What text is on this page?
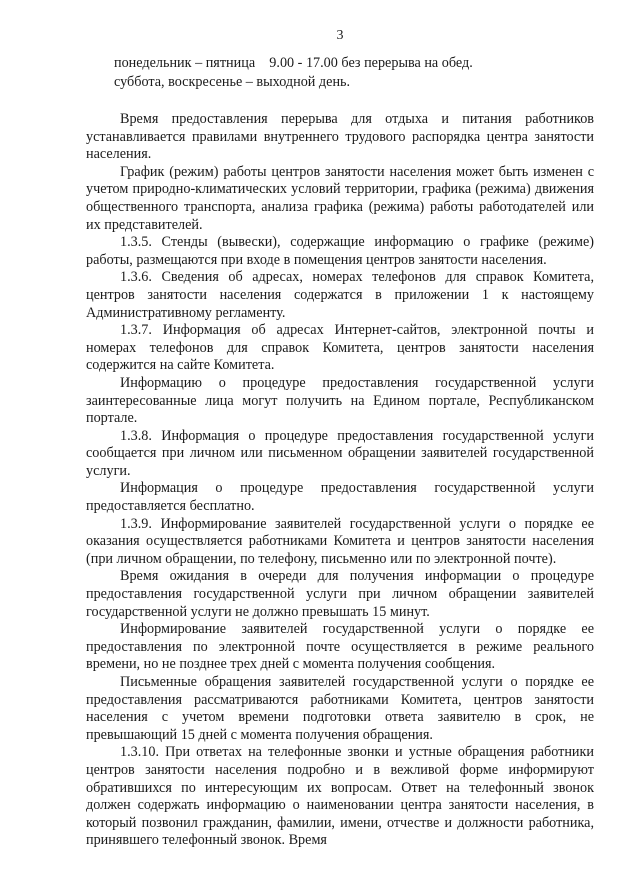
3
понедельник – пятница    9.00 - 17.00 без перерыва на обед.
суббота, воскресенье – выходной день.

Время предоставления перерыва для отдыха и питания работников устанавливается правилами внутреннего трудового распорядка центра занятости населения.

График (режим) работы центров занятости населения может быть изменен с учетом природно-климатических условий территории, графика (режима) движения общественного транспорта, анализа графика (режима) работы работодателей или их представителей.

1.3.5. Стенды (вывески), содержащие информацию о графике (режиме) работы, размещаются при входе в помещения центров занятости населения.

1.3.6. Сведения об адресах, номерах телефонов для справок Комитета, центров занятости населения содержатся в приложении 1 к настоящему Административному регламенту.

1.3.7. Информация об адресах Интернет-сайтов, электронной почты и номерах телефонов для справок Комитета, центров занятости населения содержится на сайте Комитета.

Информацию о процедуре предоставления государственной услуги заинтересованные лица могут получить на Едином портале, Республиканском портале.

1.3.8. Информация о процедуре предоставления государственной услуги сообщается при личном или письменном обращении заявителей государственной услуги.

Информация о процедуре предоставления государственной услуги предоставляется бесплатно.

1.3.9. Информирование заявителей государственной услуги о порядке ее оказания осуществляется работниками Комитета и центров занятости населения (при личном обращении, по телефону, письменно или по электронной почте).

Время ожидания в очереди для получения информации о процедуре предоставления государственной услуги при личном обращении заявителей государственной услуги не должно превышать 15 минут.

Информирование заявителей государственной услуги о порядке ее предоставления по электронной почте осуществляется в режиме реального времени, но не позднее трех дней с момента получения сообщения.

Письменные обращения заявителей государственной услуги о порядке ее предоставления рассматриваются работниками Комитета, центров занятости населения с учетом времени подготовки ответа заявителю в срок, не превышающий 15 дней с момента получения обращения.

1.3.10. При ответах на телефонные звонки и устные обращения работники центров занятости населения подробно и в вежливой форме информируют обратившихся по интересующим их вопросам. Ответ на телефонный звонок должен содержать информацию о наименовании центра занятости населения, в который позвонил гражданин, фамилии, имени, отчестве и должности работника, принявшего телефонный звонок. Время
